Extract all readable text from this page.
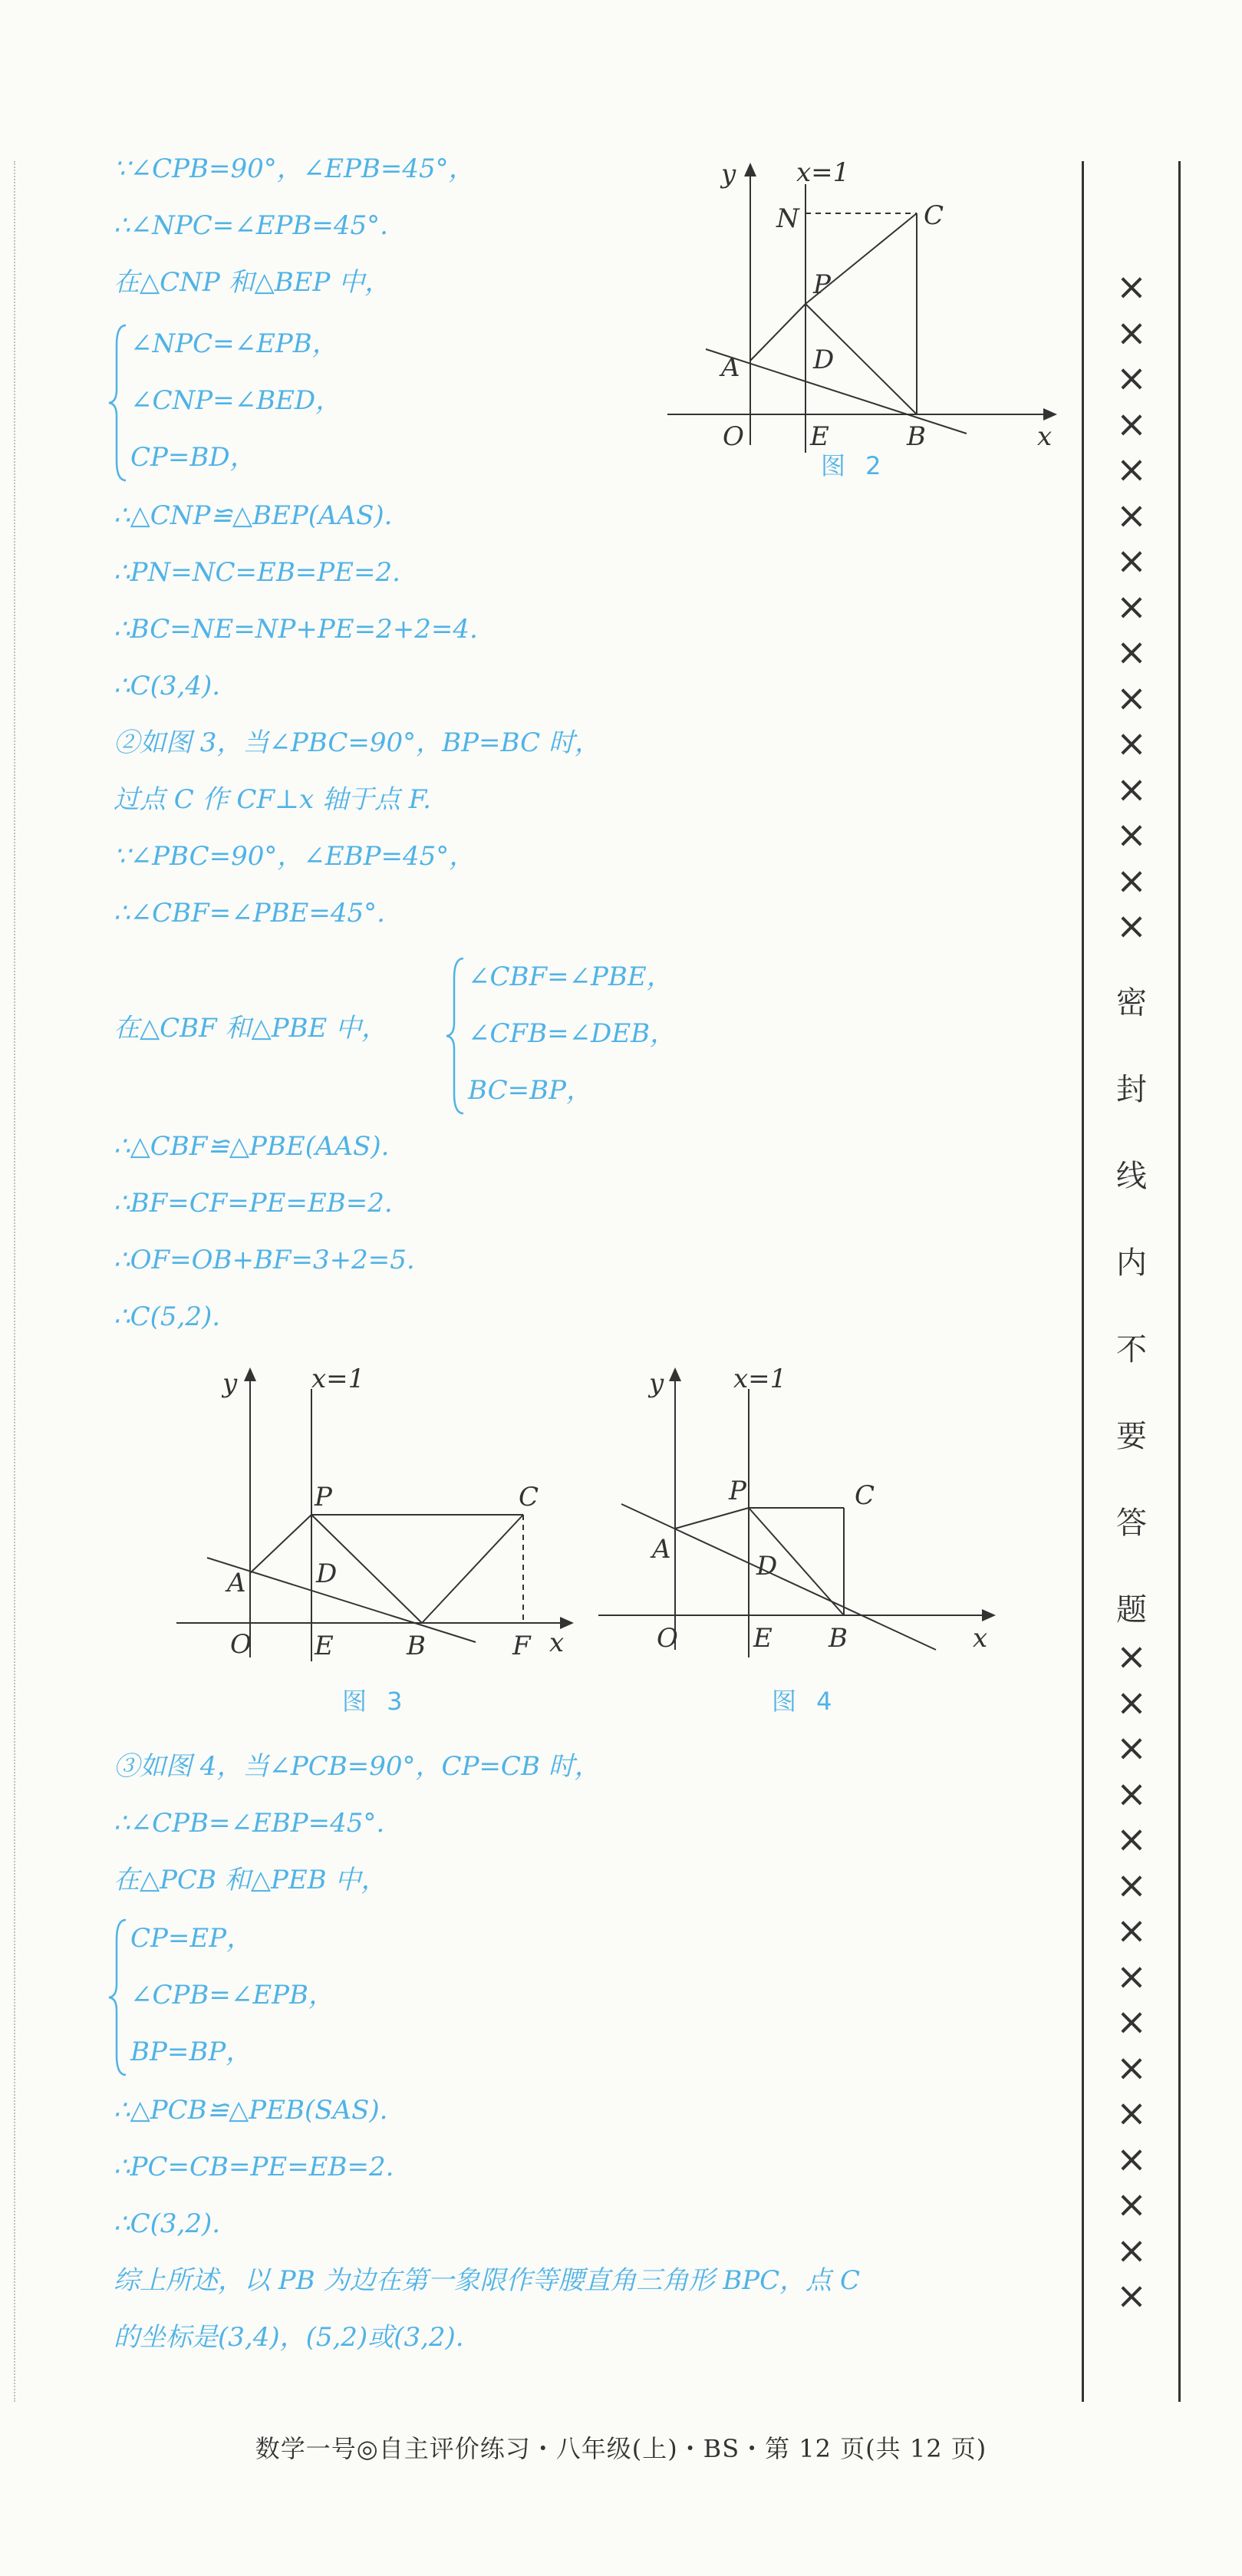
∵∠CPB=90°，∠EPB=45°，
∴∠NPC=∠EPB=45°.
在△CNP 和△BEP 中，
∠NPC=∠EPB，
∠CNP=∠BED，
CP=BD，
∴△CNP≌△BEP(AAS).
∴PN=NC=EB=PE=2.
∴BC=NE=NP+PE=2+2=4.
∴C(3,4).
②如图 3，当∠PBC=90°，BP=BC 时，
过点 C 作 CF⊥x 轴于点 F.
∵∠PBC=90°，∠EBP=45°，
∴∠CBF=∠PBE=45°.
在△CBF 和△PBE 中，
∠CBF=∠PBE，
∠CFB=∠DEB，
BC=BP，
∴△CBF≌△PBE(AAS).
∴BF=CF=PE=EB=2.
∴OF=OB+BF=3+2=5.
∴C(5,2).
③如图 4，当∠PCB=90°，CP=CB 时，
∴∠CPB=∠EBP=45°.
在△PCB 和△PEB 中，
CP=EP，
∠CPB=∠EPB，
BP=BP，
∴△PCB≌△PEB(SAS).
∴PC=CB=PE=EB=2.
∴C(3,2).
综上所述，以 PB 为边在第一象限作等腰直角三角形 BPC，点 C
的坐标是(3,4)，(5,2)或(3,2).
x=1
y
x
N	C
P
D
A
O	E	B
图 2
x=1
y
x
P	C
D
A
O E	B	F
图 3
x=1
y
x
P	C
D
A
O	E B
图 4
×
×
×
×
×
×
×
×
×
×
×
×
×
×
×
密
封
线
内
不
要
答
题
×
×
×
×
×
×
×
×
×
×
×
×
×
×
×
数学一号◎自主评价练习・八年级(上)・BS・第 12 页(共 12 页)
